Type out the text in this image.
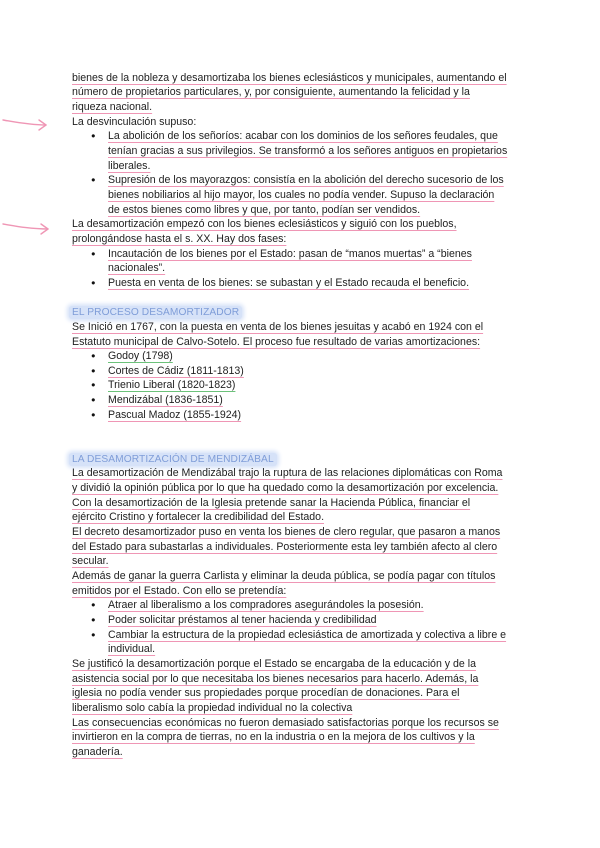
bienes de la nobleza y desamortizaba los bienes eclesiásticos y municipales, aumentando el
número de propietarios particulares, y, por consiguiente, aumentando la felicidad y la
riqueza nacional.
La desvinculación supuso:
●
La abolición de los señoríos: acabar con los dominios de los señores feudales, que
tenían gracias a sus privilegios. Se transformó a los señores antiguos en propietarios
liberales.
●
Supresión de los mayorazgos: consistía en la abolición del derecho sucesorio de los
bienes nobiliarios al hijo mayor, los cuales no podía vender. Supuso la declaración
de estos bienes como libres y que, por tanto, podían ser vendidos.
La desamortización empezó con los bienes eclesiásticos y siguió con los pueblos,
prolongándose hasta el s. XX. Hay dos fases:
●
Incautación de los bienes por el Estado: pasan de “manos muertas” a “bienes
nacionales”.
●
Puesta en venta de los bienes: se subastan y el Estado recauda el beneficio.
EL PROCESO DESAMORTIZADOR
Se Inició en 1767, con la puesta en venta de los bienes jesuitas y acabó en 1924 con el
Estatuto municipal de Calvo-Sotelo. El proceso fue resultado de varias amortizaciones:
●
Godoy (1798)
●
Cortes de Cádiz (1811-1813)
●
Trienio Liberal (1820-1823)
●
Mendizábal (1836-1851)
●
Pascual Madoz (1855-1924)
LA DESAMORTIZACIÓN DE MENDIZÁBAL
La desamortización de Mendizábal trajo la ruptura de las relaciones diplomáticas con Roma
y dividió la opinión pública por lo que ha quedado como la desamortización por excelencia.
Con la desamortización de la Iglesia pretende sanar la Hacienda Pública, financiar el
ejército Cristino y fortalecer la credibilidad del Estado.
El decreto desamortizador puso en venta los bienes de clero regular, que pasaron a manos
del Estado para subastarlas a individuales. Posteriormente esta ley también afecto al clero
secular.
Además de ganar la guerra Carlista y eliminar la deuda pública, se podía pagar con títulos
emitidos por el Estado. Con ello se pretendía:
●
Atraer al liberalismo a los compradores asegurándoles la posesión.
●
Poder solicitar préstamos al tener hacienda y credibilidad
●
Cambiar la estructura de la propiedad eclesiástica de amortizada y colectiva a libre e
individual.
Se justificó la desamortización porque el Estado se encargaba de la educación y de la
asistencia social por lo que necesitaba los bienes necesarios para hacerlo. Además, la
iglesia no podía vender sus propiedades porque procedían de donaciones. Para el
liberalismo solo cabía la propiedad individual no la colectiva
Las consecuencias económicas no fueron demasiado satisfactorias porque los recursos se
invirtieron en la compra de tierras, no en la industria o en la mejora de los cultivos y la
ganadería.
